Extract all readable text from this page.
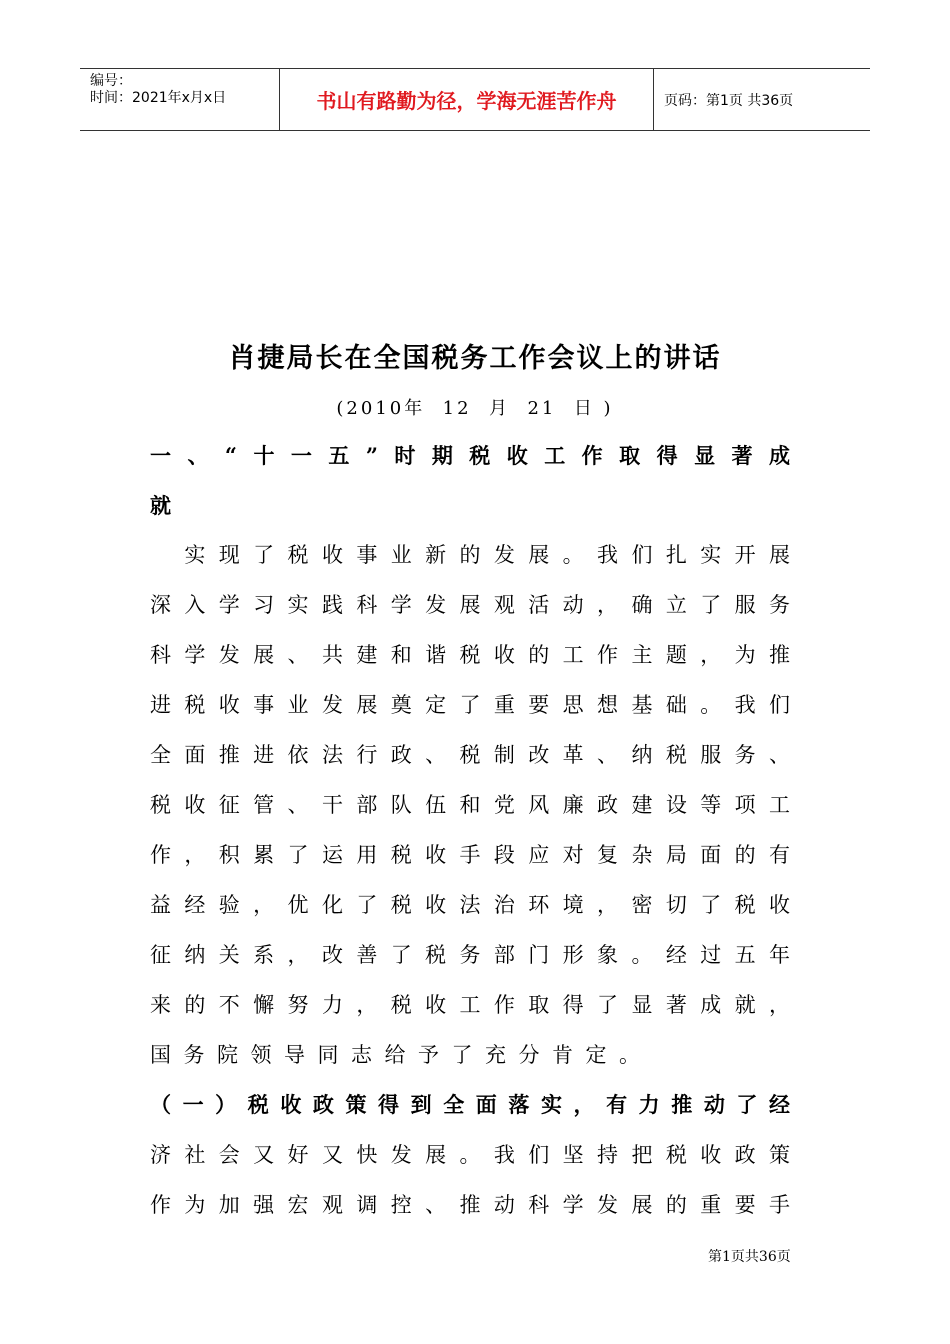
编号：
时间：2021年x月x日	书山有路勤为径，学海无涯苦作舟	页码：第1页 共36页
肖捷局长在全国税务工作会议上的讲话
(2010年  12  月  21  日 )
一、“十一五”时期税收工作取得显著成
就
　实现了税收事业新的发展。我们扎实开展
深入学习实践科学发展观活动，确立了服务
科学发展、共建和谐税收的工作主题，为推
进税收事业发展奠定了重要思想基础。我们
全面推进依法行政、税制改革、纳税服务、
税收征管、干部队伍和党风廉政建设等项工
作，积累了运用税收手段应对复杂局面的有
益经验，优化了税收法治环境，密切了税收
征纳关系，改善了税务部门形象。经过五年
来的不懈努力，税收工作取得了显著成就，
国务院领导同志给予了充分肯定。
（一）税收政策得到全面落实，有力推动了经
济社会又好又快发展。我们坚持把税收政策
作为加强宏观调控、推动科学发展的重要手
第1页共36页
